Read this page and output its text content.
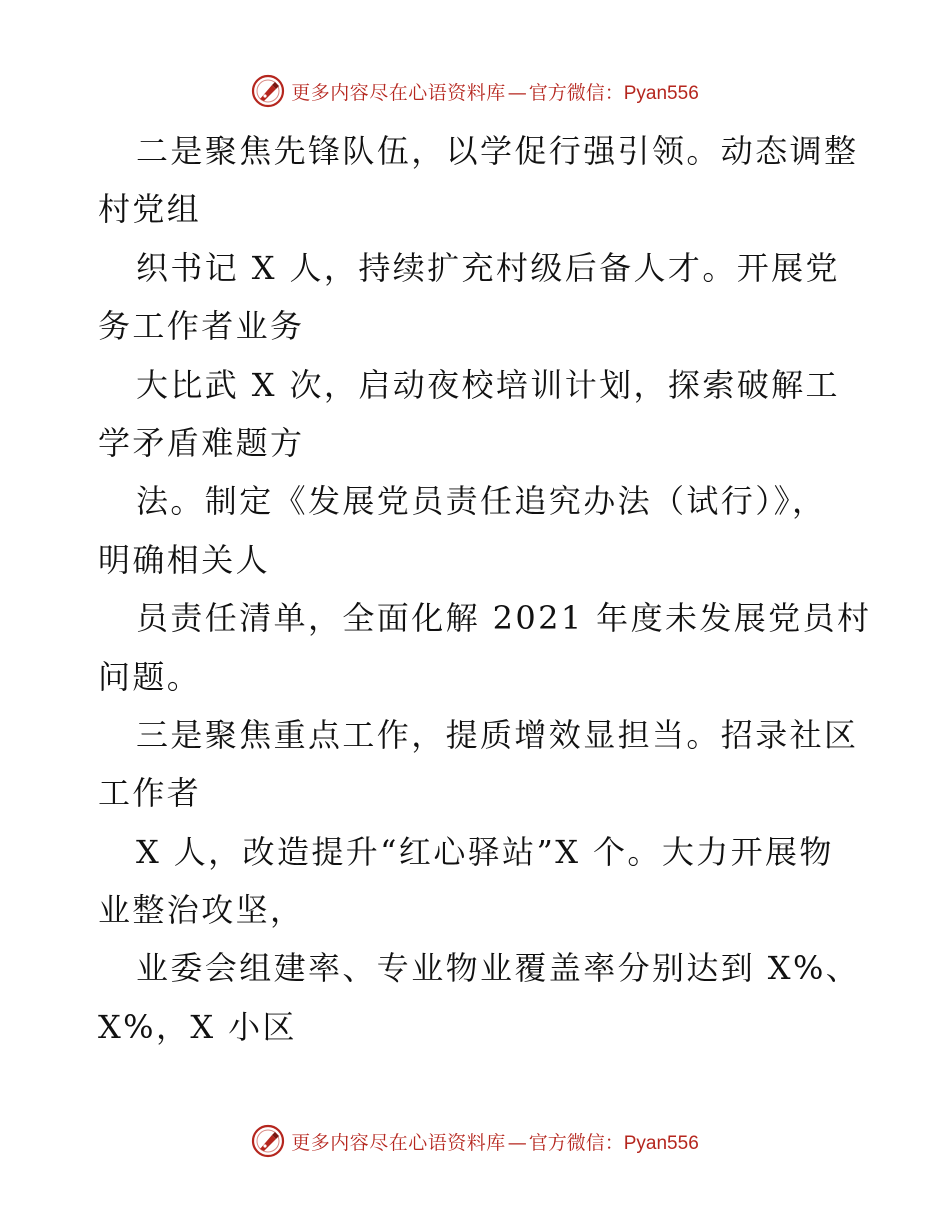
更多内容尽在心语资料库 — 官方微信： Pyan556
二是聚焦先锋队伍，以学促行强引领。动态调整
村党组
织书记 X 人，持续扩充村级后备人才。开展党
务工作者业务
大比武 X 次，启动夜校培训计划，探索破解工
学矛盾难题方
法。制定《发展党员责任追究办法（试行）》，
明确相关人
员责任清单，全面化解 2021 年度未发展党员村
问题。
三是聚焦重点工作，提质增效显担当。招录社区
工作者
X 人，改造提升“红心驿站”X 个。大力开展物
业整治攻坚，
业委会组建率、专业物业覆盖率分别达到 X%、
X%，X 小区
更多内容尽在心语资料库 — 官方微信： Pyan556
